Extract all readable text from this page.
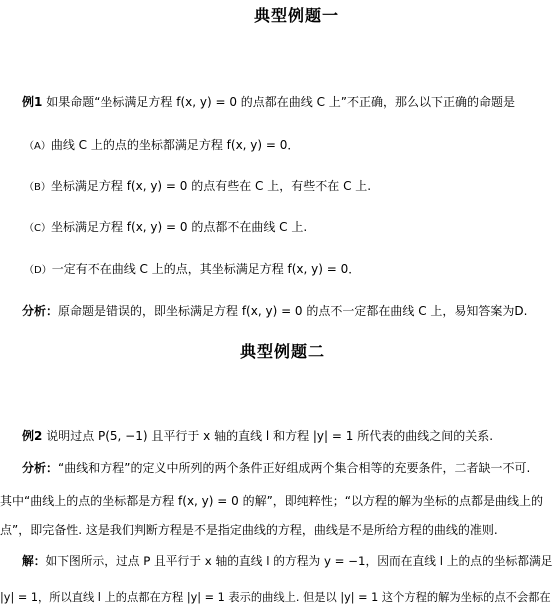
典型例题一
例1 如果命题“坐标满足方程 f(x, y) = 0 的点都在曲线 C 上”不正确，那么以下正确的命题是
（A）曲线 C 上的点的坐标都满足方程 f(x, y) = 0．
（B）坐标满足方程 f(x, y) = 0 的点有些在 C 上，有些不在 C 上.
（C）坐标满足方程 f(x, y) = 0 的点都不在曲线 C 上.
（D）一定有不在曲线 C 上的点，其坐标满足方程 f(x, y) = 0．
分析：原命题是错误的，即坐标满足方程 f(x, y) = 0 的点不一定都在曲线 C 上，易知答案为D.
典型例题二
例2 说明过点 P(5, −1) 且平行于 x 轴的直线 l 和方程 |y| = 1 所代表的曲线之间的关系.
分析：“曲线和方程”的定义中所列的两个条件正好组成两个集合相等的充要条件，二者缺一不可.
其中“曲线上的点的坐标都是方程 f(x, y) = 0 的解”，即纯粹性；“以方程的解为坐标的点都是曲线上的
点”，即完备性. 这是我们判断方程是不是指定曲线的方程，曲线是不是所给方程的曲线的准则.
解：如下图所示，过点 P 且平行于 x 轴的直线 l 的方程为 y = −1，因而在直线 l 上的点的坐标都满足
|y| = 1，所以直线 l 上的点都在方程 |y| = 1 表示的曲线上. 但是以 |y| = 1 这个方程的解为坐标的点不会都在
